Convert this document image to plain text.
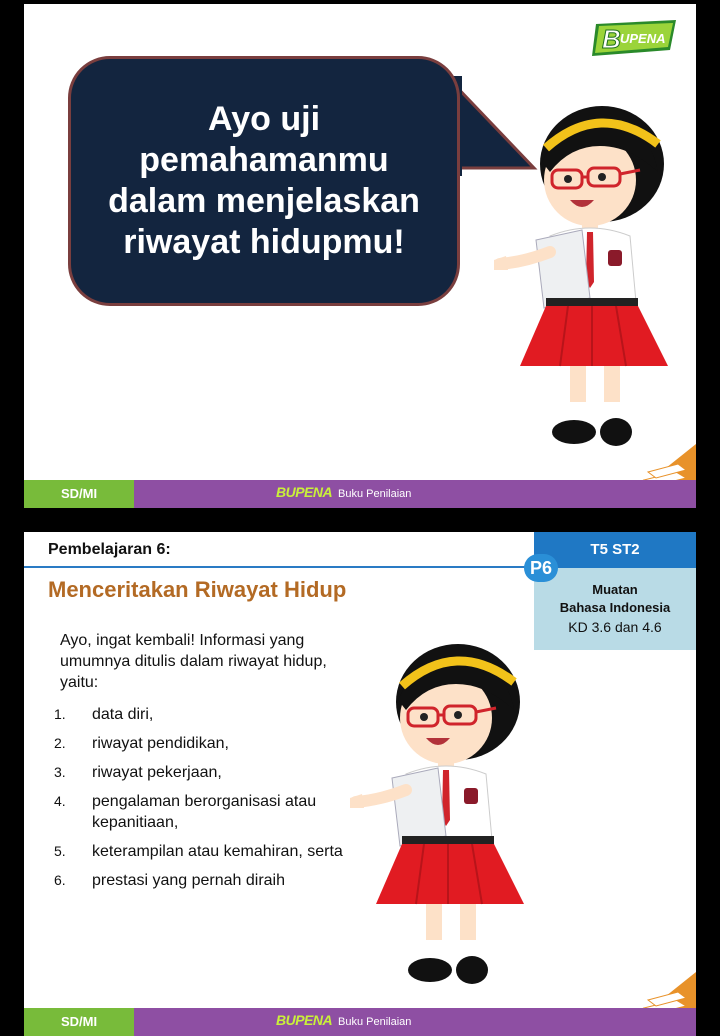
B UPENA
Ayo uji
pemahamanmu
dalam menjelaskan
riwayat hidupmu!
SD/MI	BUPENA Buku Penilaian
Pembelajaran 6:	T5 ST2
Muatan
Bahasa Indonesia
KD 3.6 dan 4.6
P6
Menceritakan Riwayat Hidup
Ayo, ingat kembali! Informasi yang umumnya ditulis dalam riwayat hidup, yaitu:
1. data diri,
2. riwayat pendidikan,
3. riwayat pekerjaan,
4. pengalaman berorganisasi atau kepanitiaan,
5. keterampilan atau kemahiran, serta
6. prestasi yang pernah diraih
SD/MI	BUPENA Buku Penilaian
